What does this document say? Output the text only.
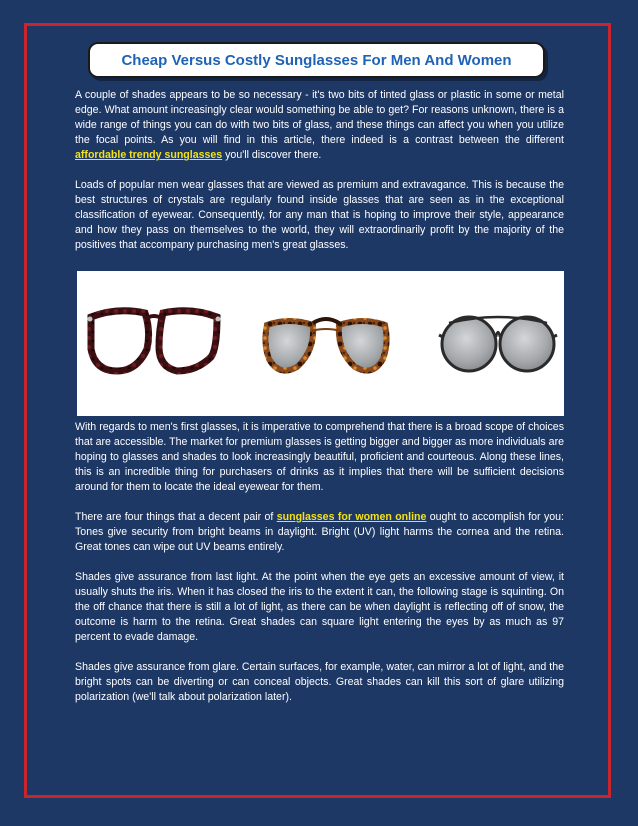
Cheap Versus Costly Sunglasses For Men And Women

A couple of shades appears to be so necessary - it's two bits of tinted glass or plastic in some or metal edge. What amount increasingly clear would something be able to get? For reasons unknown, there is a wide range of things you can do with two bits of glass, and these things can affect you when you utilize the focal points. As you will find in this article, there indeed is a contrast between the different affordable trendy sunglasses you'll discover there.

Loads of popular men wear glasses that are viewed as premium and extravagance. This is because the best structures of crystals are regularly found inside glasses that are seen as in the exceptional classification of eyewear. Consequently, for any man that is hoping to improve their style, appearance and how they pass on themselves to the world, they will extraordinarily profit by the majority of the positives that accompany purchasing men's great glasses.

With regards to men's first glasses, it is imperative to comprehend that there is a broad scope of choices that are accessible. The market for premium glasses is getting bigger and bigger as more individuals are hoping to glasses and shades to look increasingly beautiful, proficient and courteous. Along these lines, this is an incredible thing for purchasers of drinks as it implies that there will be sufficient decisions around for them to locate the ideal eyewear for them.

There are four things that a decent pair of sunglasses for women online ought to accomplish for you: Tones give security from bright beams in daylight. Bright (UV) light harms the cornea and the retina. Great tones can wipe out UV beams entirely.

Shades give assurance from last light. At the point when the eye gets an excessive amount of view, it usually shuts the iris. When it has closed the iris to the extent it can, the following stage is squinting. On the off chance that there is still a lot of light, as there can be when daylight is reflecting off of snow, the outcome is harm to the retina. Great shades can square light entering the eyes by as much as 97 percent to evade damage.

Shades give assurance from glare. Certain surfaces, for example, water, can mirror a lot of light, and the bright spots can be diverting or can conceal objects. Great shades can kill this sort of glare utilizing polarization (we'll talk about polarization later).
